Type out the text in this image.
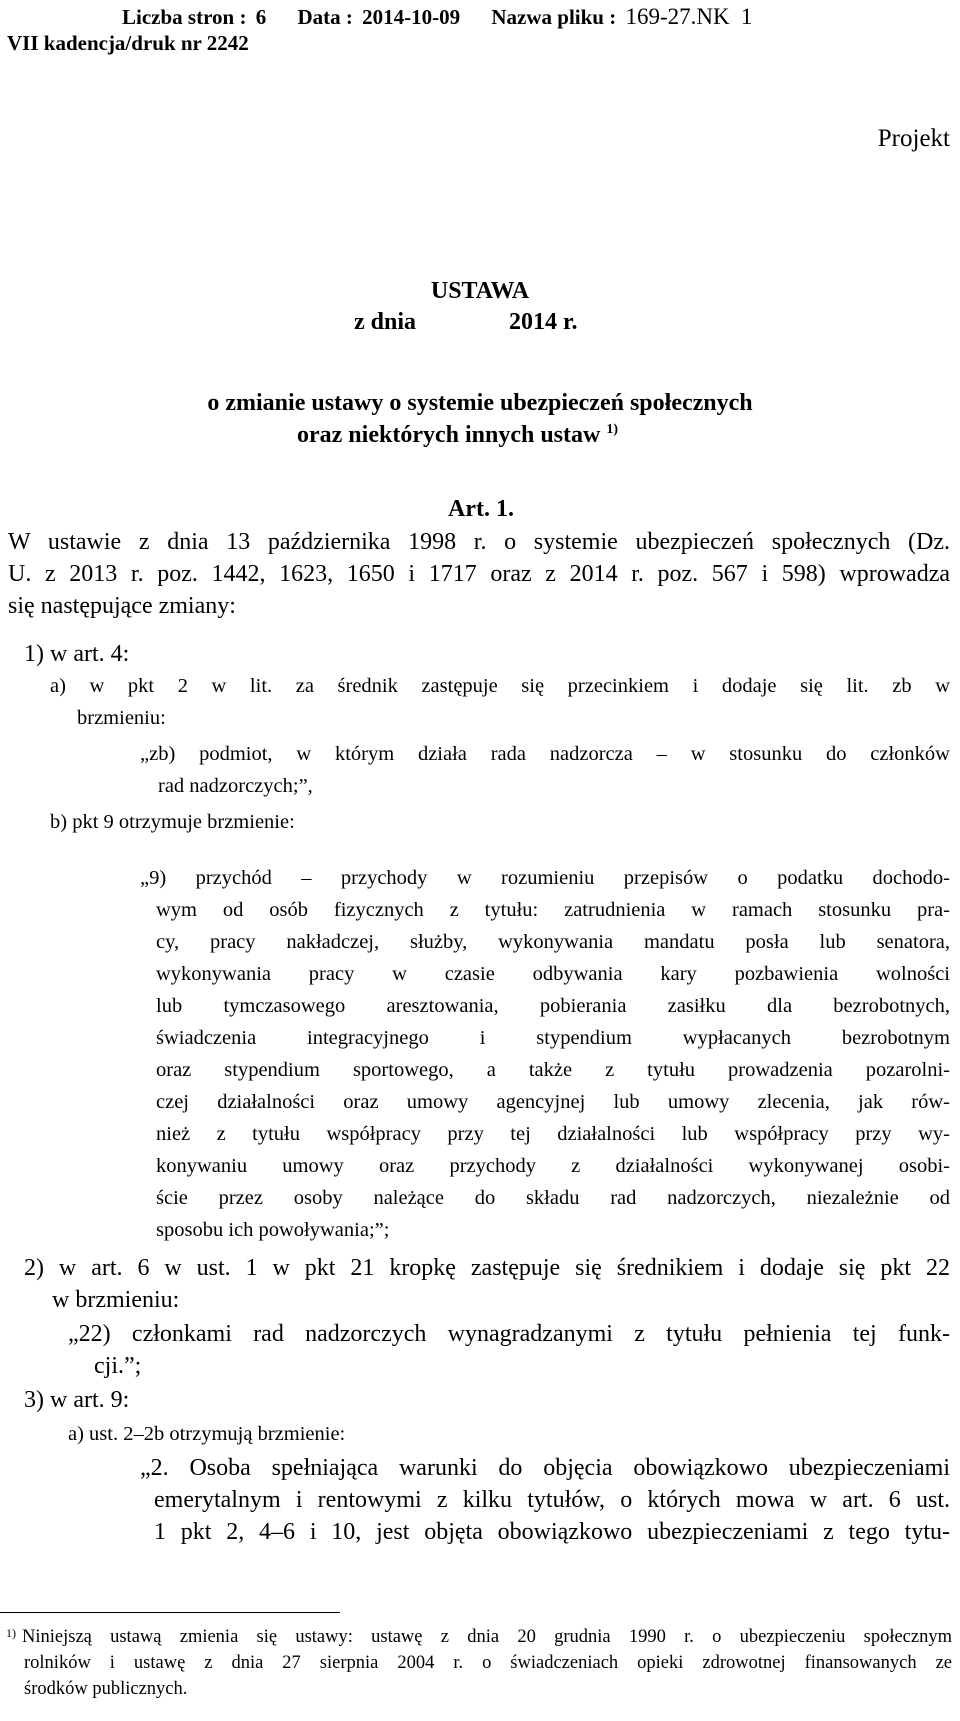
Liczba stron : 6 Data : 2014-10-09 Nazwa pliku : 169-27.NK 1
VII kadencja/druk nr 2242
Projekt
USTAWA
z dnia	2014 r.
o zmianie ustawy o systemie ubezpieczeń społecznych
oraz niektórych innych ustaw $^{1)}$
Art. 1.
W ustawie z dnia 13 października 1998 r. o systemie ubezpieczeń społecznych (Dz.
U. z 2013 r. poz. 1442, 1623, 1650 i 1717 oraz z 2014 r. poz. 567 i 598) wprowadza
się następujące zmiany:
1) w art. 4:
a) w pkt 2 w lit. za średnik zastępuje się przecinkiem i dodaje się lit. zb w
brzmieniu:
„zb) podmiot, w którym działa rada nadzorcza – w stosunku do członków
rad nadzorczych;”,
b) pkt 9 otrzymuje brzmienie:
„9) przychód – przychody w rozumieniu przepisów o podatku dochodo-
wym od osób fizycznych z tytułu: zatrudnienia w ramach stosunku pra-
cy, pracy nakładczej, służby, wykonywania mandatu posła lub senatora,
wykonywania pracy w czasie odbywania kary pozbawienia wolności
lub tymczasowego aresztowania, pobierania zasiłku dla bezrobotnych,
świadczenia integracyjnego i stypendium wypłacanych bezrobotnym
oraz stypendium sportowego, a także z tytułu prowadzenia pozarolni-
czej działalności oraz umowy agencyjnej lub umowy zlecenia, jak rów-
nież z tytułu współpracy przy tej działalności lub współpracy przy wy-
konywaniu umowy oraz przychody z działalności wykonywanej osobi-
ście przez osoby należące do składu rad nadzorczych, niezależnie od
sposobu ich powoływania;”;
2) w art. 6 w ust. 1 w pkt 21 kropkę zastępuje się średnikiem i dodaje się pkt 22
w brzmieniu:
„22) członkami rad nadzorczych wynagradzanymi z tytułu pełnienia tej funk-
cji.”;
3) w art. 9:
a) ust. 2–2b otrzymują brzmienie:
„2. Osoba spełniająca warunki do objęcia obowiązkowo ubezpieczeniami
emerytalnym i rentowymi z kilku tytułów, o których mowa w art. 6 ust.
1 pkt 2, 4–6 i 10, jest objęta obowiązkowo ubezpieczeniami z tego tytu-
1) Niniejszą ustawą zmienia się ustawy: ustawę z dnia 20 grudnia 1990 r. o ubezpieczeniu społecznym
rolników i ustawę z dnia 27 sierpnia 2004 r. o świadczeniach opieki zdrowotnej finansowanych ze
środków publicznych.
